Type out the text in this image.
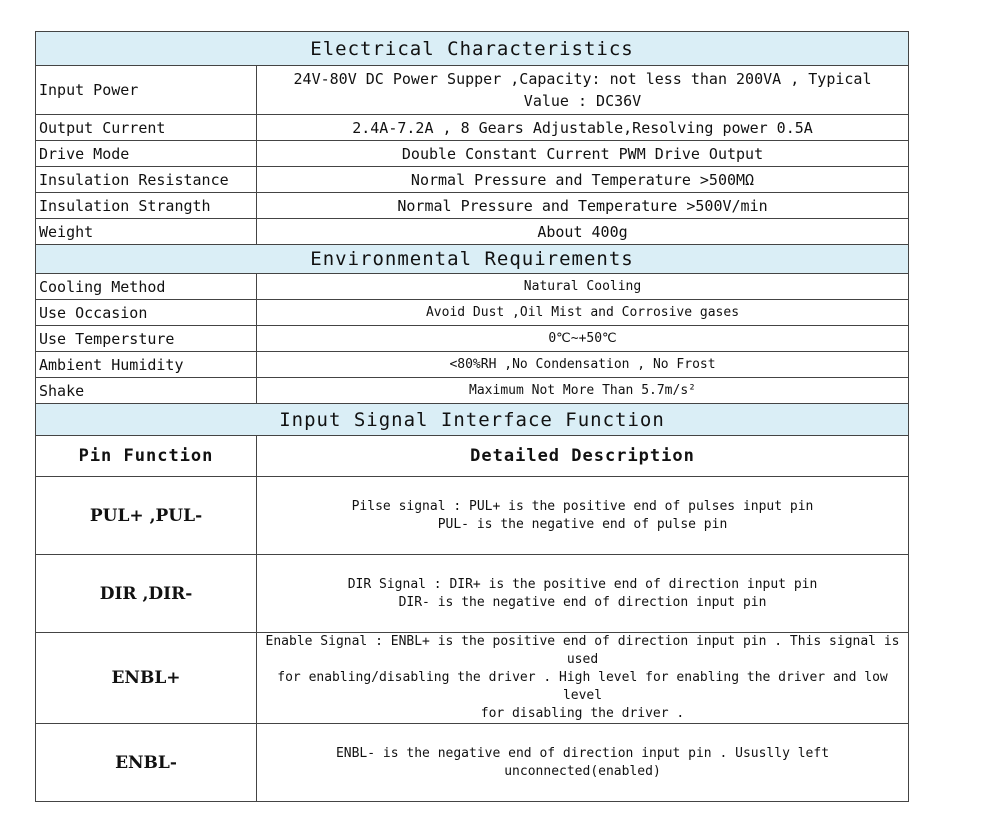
Electrical Characteristics	
Input Power	24V-80V DC Power Supper ,Capacity: not less than 200VA , Typical
Value : DC36V

Output Current	2.4A-7.2A , 8 Gears Adjustable,Resolving power 0.5A
Drive Mode	Double Constant Current PWM Drive Output
Insulation Resistance	Normal Pressure and Temperature >500MΩ
Insulation Strangth	Normal Pressure and Temperature >500V/min
Weight	About 400g
Environmental Requirements	
Cooling Method	Natural Cooling
Use Occasion	Avoid Dust ,Oil Mist and Corrosive gases
Use Tempersture	0℃~+50℃
Ambient Humidity	<80%RH ,No Condensation , No Frost
Shake	Maximum Not More Than 5.7m/s²
Input Signal Interface Function	
Pin Function	Detailed Description
PUL+ ,PUL-	Pilse signal : PUL+ is the positive end of pulses input pin
PUL- is the negative end of pulse pin

DIR ,DIR-	DIR Signal : DIR+ is the positive end of direction input pin
DIR- is the negative end of direction input pin

ENBL+	Enable Signal : ENBL+ is the positive end of direction input pin . This signal is used
for enabling/disabling the driver . High level for enabling the driver and low level
for disabling the driver .

ENBL-	ENBL- is the negative end of direction input pin . Ususlly left unconnected(enabled)
